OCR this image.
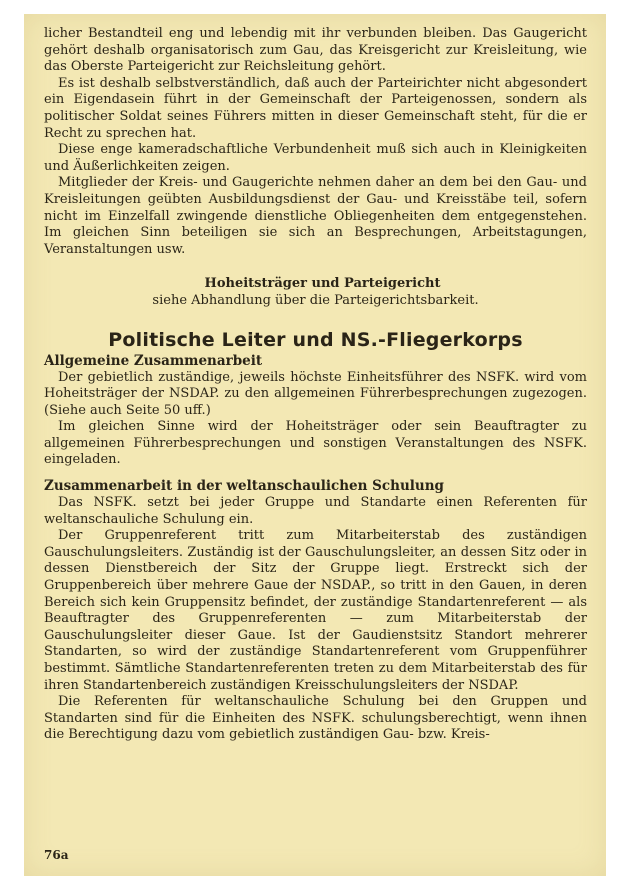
licher Bestandteil eng und lebendig mit ihr verbunden bleiben. Das Gaugericht gehört deshalb organisatorisch zum Gau, das Kreisgericht zur Kreisleitung, wie das Oberste Parteigericht zur Reichsleitung gehört.

Es ist deshalb selbstverständlich, daß auch der Parteirichter nicht abgesondert ein Eigendasein führt in der Gemeinschaft der Parteigenossen, sondern als politischer Soldat seines Führers mitten in dieser Gemeinschaft steht, für die er Recht zu sprechen hat.

Diese enge kameradschaftliche Verbundenheit muß sich auch in Kleinigkeiten und Äußerlichkeiten zeigen.

Mitglieder der Kreis- und Gaugerichte nehmen daher an dem bei den Gau- und Kreisleitungen geübten Ausbildungsdienst der Gau- und Kreisstäbe teil, sofern nicht im Einzelfall zwingende dienstliche Obliegenheiten dem entgegenstehen. Im gleichen Sinn beteiligen sie sich an Besprechungen, Arbeitstagungen, Veranstaltungen usw.

Hoheitsträger und Parteigericht

siehe Abhandlung über die Parteigerichtsbarkeit.

Politische Leiter und NS.-Fliegerkorps
Allgemeine Zusammenarbeit

Der gebietlich zuständige, jeweils höchste Einheitsführer des NSFK. wird vom Hoheitsträger der NSDAP. zu den allgemeinen Führerbesprechungen zugezogen. (Siehe auch Seite 50 uff.)

Im gleichen Sinne wird der Hoheitsträger oder sein Beauftragter zu allgemeinen Führerbesprechungen und sonstigen Veranstaltungen des NSFK. eingeladen.

Zusammenarbeit in der weltanschaulichen Schulung

Das NSFK. setzt bei jeder Gruppe und Standarte einen Referenten für weltanschauliche Schulung ein.

Der Gruppenreferent tritt zum Mitarbeiterstab des zuständigen Gauschulungsleiters. Zuständig ist der Gauschulungsleiter, an dessen Sitz oder in dessen Dienstbereich der Sitz der Gruppe liegt. Erstreckt sich der Gruppenbereich über mehrere Gaue der NSDAP., so tritt in den Gauen, in deren Bereich sich kein Gruppensitz befindet, der zuständige Standartenreferent — als Beauftragter des Gruppenreferenten — zum Mitarbeiterstab der Gauschulungsleiter dieser Gaue. Ist der Gaudienstsitz Standort mehrerer Standarten, so wird der zuständige Standartenreferent vom Gruppenführer bestimmt. Sämtliche Standartenreferenten treten zu dem Mitarbeiterstab des für ihren Standartenbereich zuständigen Kreisschulungsleiters der NSDAP.

Die Referenten für weltanschauliche Schulung bei den Gruppen und Standarten sind für die Einheiten des NSFK. schulungsberechtigt, wenn ihnen die Berechtigung dazu vom gebietlich zuständigen Gau- bzw. Kreis-

76a
